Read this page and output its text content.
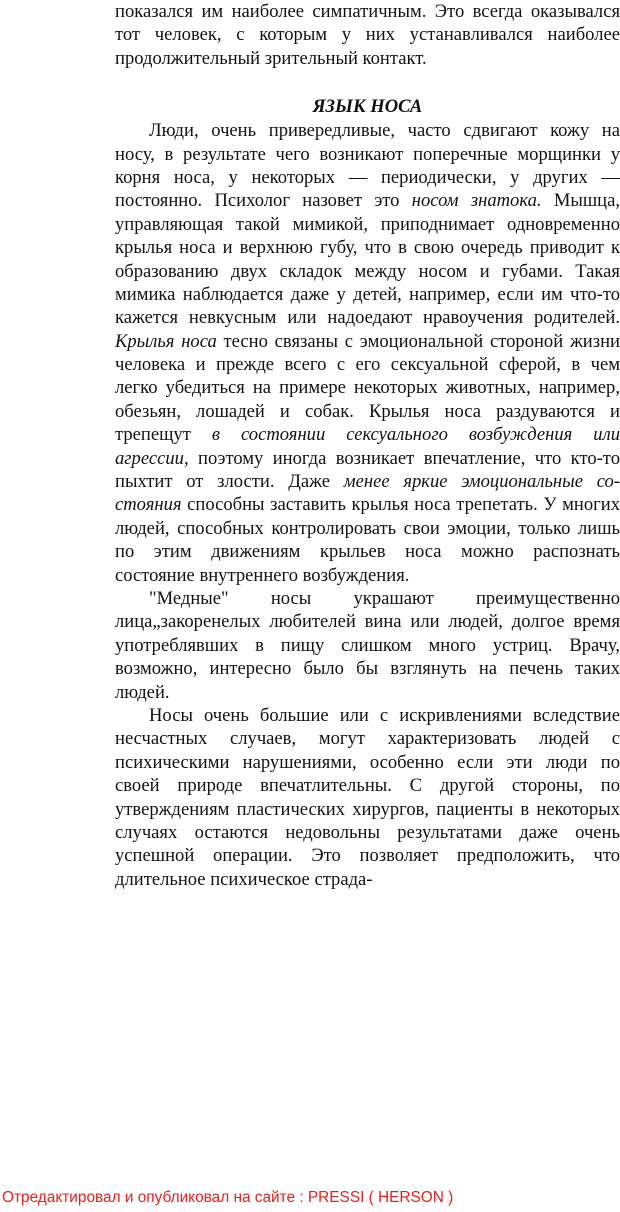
показался им наиболее симпатичным. Это всегда оказывался
тот человек, с которым у них устанавливался наиболее
продолжительный зрительный контакт.
ЯЗЫК НОСА
Люди, очень привередливые, часто сдвигают кожу на
носу, в результате чего возникают поперечные морщинки у
корня носа, у некоторых — периодически, у других —
постоянно. Психолог назовет это носом знатока. Мышца,
управляющая такой мимикой, приподнимает одновременно
крылья носа и верхнюю губу, что в свою очередь приводит к
образованию двух складок между носом и губами. Такая
мимика наблюдается даже у детей, например, если им что-то
кажется невкусным или надоедают нравоучения родителей.
Крылья носа тесно связаны с эмоциональной стороной жизни
человека и прежде всего с его сексуальной сферой, в чем
легко убедиться на примере некоторых животных, например,
обезьян, лошадей и собак. Крылья носа раздуваются и
трепещут в состоянии сексуального возбуждения или
агрессии, поэтому иногда возникает впечатление, что кто-то
пыхтит от злости. Даже менее яркие эмоциональные со-
стояния способны заставить крылья носа трепетать. У многих
людей, способных контролировать свои эмоции, только лишь
по этим движениям крыльев носа можно распознать
состояние внутреннего возбуждения.
"Медные" носы украшают преимущественно
лица„закоренелых любителей вина или людей, долгое время
употреблявших в пищу слишком много устриц. Врачу,
возможно, интересно было бы взглянуть на печень таких
людей.
Носы очень большие или с искривлениями вследствие
несчастных случаев, могут характеризовать людей с
психическими нарушениями, особенно если эти люди по
своей природе впечатлительны. С другой стороны, по
утверждениям пластических хирургов, пациенты в некоторых
случаях остаются недовольны результатами даже очень
успешной операции. Это позволяет предположить, что
длительное психическое страда-
Отредактировал и опубликовал на сайте : PRESSI ( HERSON )
